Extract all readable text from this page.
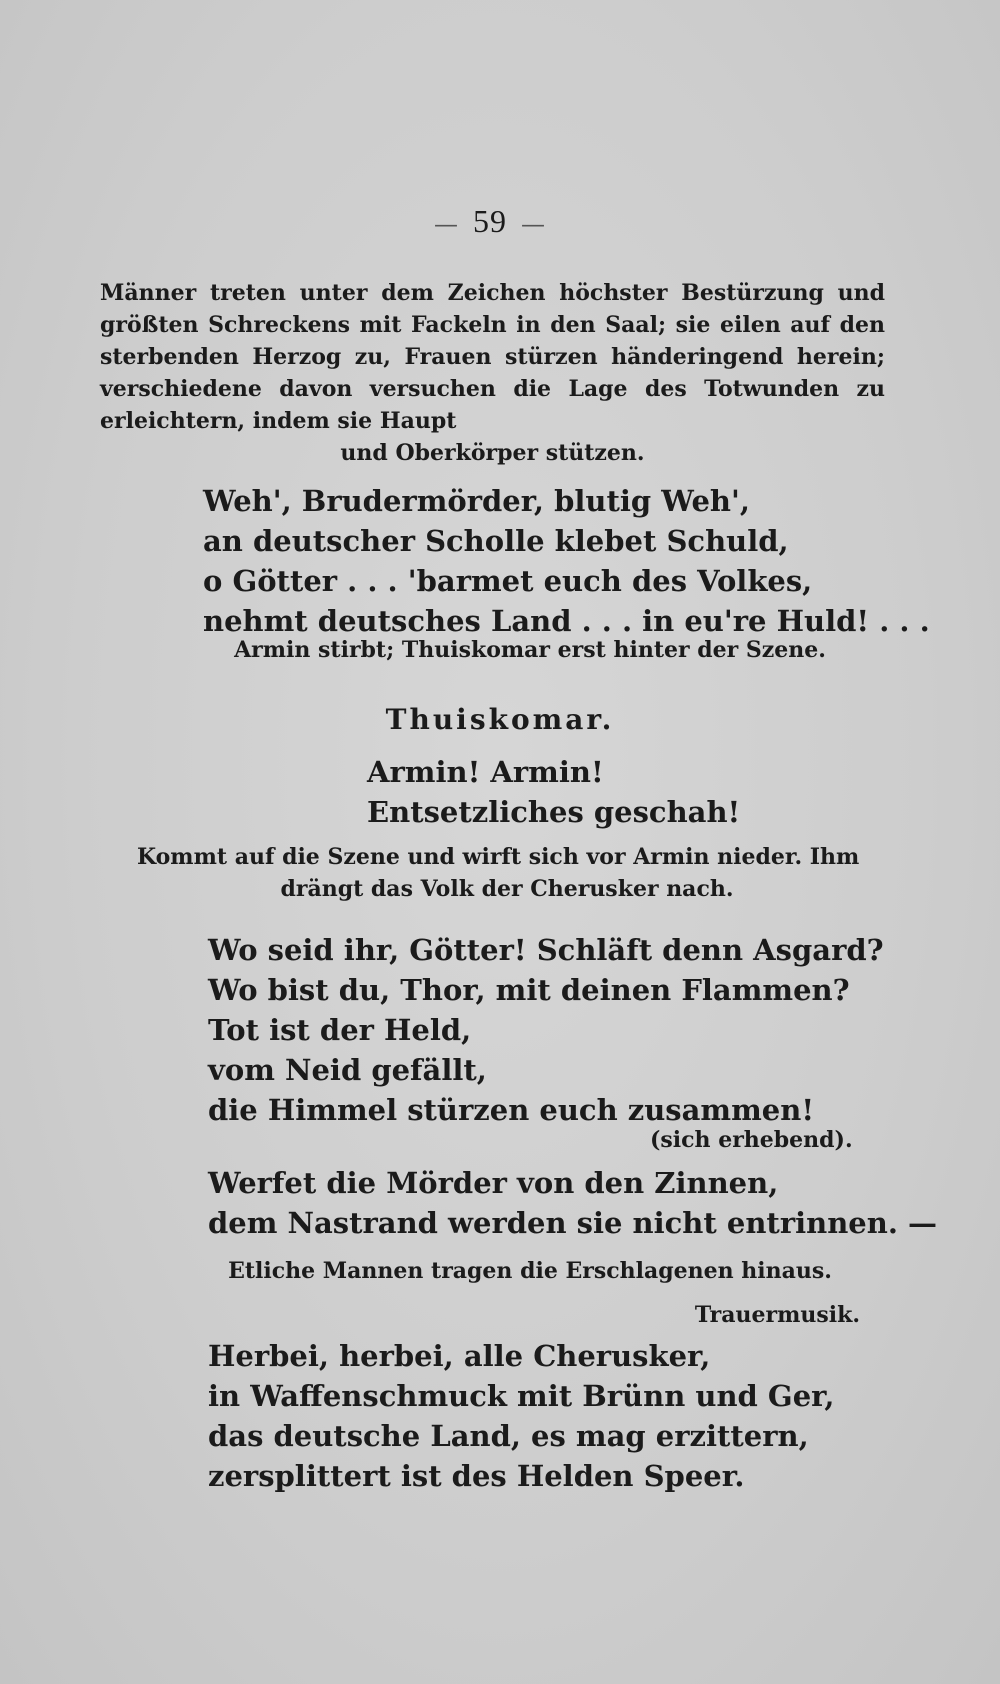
— 59 —

Männer treten unter dem Zeichen höchster Bestürzung und größten Schreckens mit Fackeln in den Saal; sie eilen auf den sterbenden Herzog zu, Frauen stürzen händeringend herein; verschiedene davon versuchen die Lage des Totwunden zu erleichtern, indem sie Haupt
und Oberkörper stützen.

Weh', Brudermörder, blutig Weh',
an deutscher Scholle klebet Schuld,
o Götter . . . 'barmet euch des Volkes,
nehmt deutsches Land . . . in eu're Huld! . . .
Armin stirbt; Thuiskomar erst hinter der Szene.
Thuiskomar.
Armin! Armin!
Entsetzliches geschah!
Kommt auf die Szene und wirft sich vor Armin nieder. Ihm
drängt das Volk der Cherusker nach.
Wo seid ihr, Götter! Schläft denn Asgard?
Wo bist du, Thor, mit deinen Flammen?
Tot ist der Held,
vom Neid gefällt,
die Himmel stürzen euch zusammen!
(sich erhebend).
Werfet die Mörder von den Zinnen,
dem Nastrand werden sie nicht entrinnen. —
Etliche Mannen tragen die Erschlagenen hinaus.
Trauermusik.
Herbei, herbei, alle Cherusker,
in Waffenschmuck mit Brünn und Ger,
das deutsche Land, es mag erzittern,
zersplittert ist des Helden Speer.
